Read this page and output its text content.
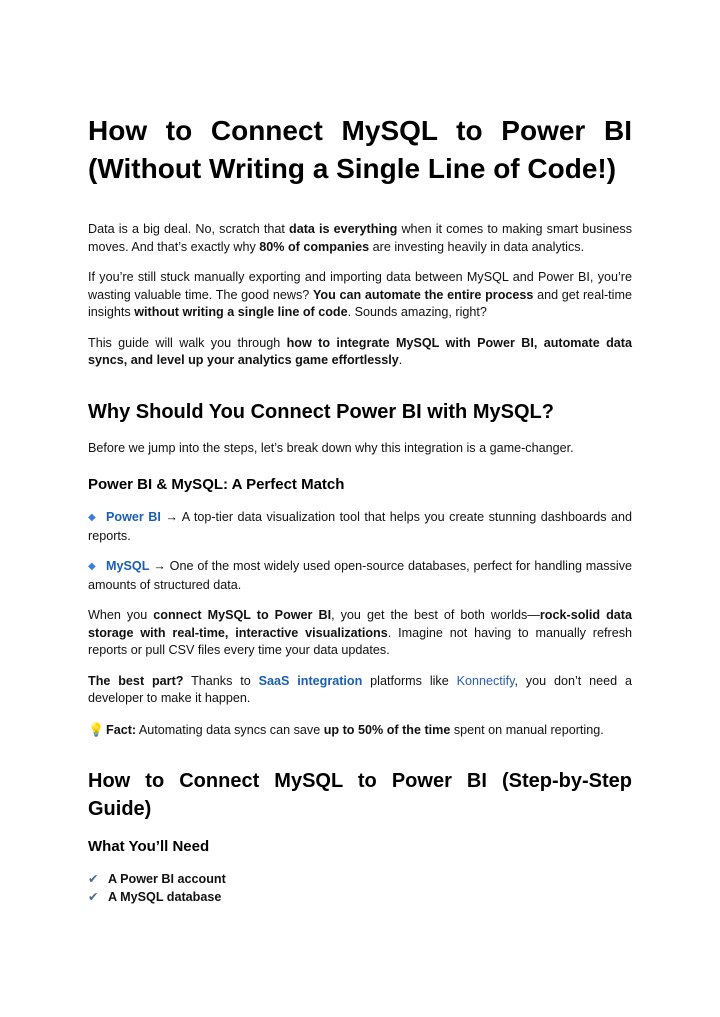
How to Connect MySQL to Power BI (Without Writing a Single Line of Code!)

Data is a big deal. No, scratch that data is everything when it comes to making smart business moves. And that’s exactly why 80% of companies are investing heavily in data analytics.

If you’re still stuck manually exporting and importing data between MySQL and Power BI, you’re wasting valuable time. The good news? You can automate the entire process and get real-time insights without writing a single line of code. Sounds amazing, right?

This guide will walk you through how to integrate MySQL with Power BI, automate data syncs, and level up your analytics game effortlessly.

Why Should You Connect Power BI with MySQL?

Before we jump into the steps, let’s break down why this integration is a game-changer.

Power BI & MySQL: A Perfect Match

◆ Power BI → A top-tier data visualization tool that helps you create stunning dashboards and reports.

◆ MySQL → One of the most widely used open-source databases, perfect for handling massive amounts of structured data.

When you connect MySQL to Power BI, you get the best of both worlds—rock-solid data storage with real-time, interactive visualizations. Imagine not having to manually refresh reports or pull CSV files every time your data updates.

The best part? Thanks to SaaS integration platforms like Konnectify, you don’t need a developer to make it happen.

💡 Fact: Automating data syncs can save up to 50% of the time spent on manual reporting.

How to Connect MySQL to Power BI (Step-by-Step Guide)
What You’ll Need

✔ A Power BI account

✔ A MySQL database
